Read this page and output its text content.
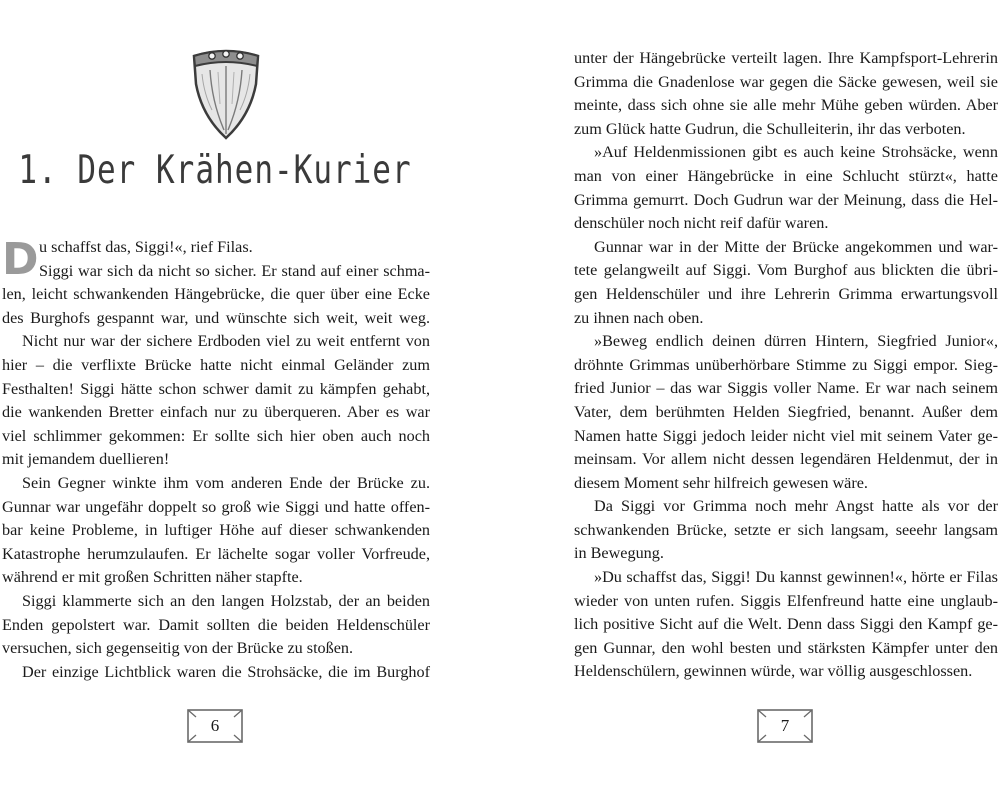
1. Der Krähen-Kurier
D u schaffst das, Siggi!«, rief Filas.
Siggi war sich da nicht so sicher. Er stand auf einer schma-
len, leicht schwankenden Hängebrücke, die quer über eine Ecke
des Burghofs gespannt war, und wünschte sich weit, weit weg.
Nicht nur war der sichere Erdboden viel zu weit entfernt von
hier – die verflixte Brücke hatte nicht einmal Geländer zum
Festhalten! Siggi hätte schon schwer damit zu kämpfen gehabt,
die wankenden Bretter einfach nur zu überqueren. Aber es war
viel schlimmer gekommen: Er sollte sich hier oben auch noch
mit jemandem duellieren!
Sein Gegner winkte ihm vom anderen Ende der Brücke zu.
Gunnar war ungefähr doppelt so groß wie Siggi und hatte offen-
bar keine Probleme, in luftiger Höhe auf dieser schwankenden
Katastrophe herumzulaufen. Er lächelte sogar voller Vorfreude,
während er mit großen Schritten näher stapfte.
Siggi klammerte sich an den langen Holzstab, der an beiden
Enden gepolstert war. Damit sollten die beiden Heldenschüler
versuchen, sich gegenseitig von der Brücke zu stoßen.
Der einzige Lichtblick waren die Strohsäcke, die im Burghof
6	7
unter der Hängebrücke verteilt lagen. Ihre Kampfsport-Lehrerin
Grimma die Gnadenlose war gegen die Säcke gewesen, weil sie
meinte, dass sich ohne sie alle mehr Mühe geben würden. Aber
zum Glück hatte Gudrun, die Schulleiterin, ihr das verboten.
»Auf Heldenmissionen gibt es auch keine Strohsäcke, wenn
man von einer Hängebrücke in eine Schlucht stürzt«, hatte
Grimma gemurrt. Doch Gudrun war der Meinung, dass die Hel-
denschüler noch nicht reif dafür waren.
Gunnar war in der Mitte der Brücke angekommen und war-
tete gelangweilt auf Siggi. Vom Burghof aus blickten die übri-
gen Heldenschüler und ihre Lehrerin Grimma erwartungsvoll
zu ihnen nach oben.
»Beweg endlich deinen dürren Hintern, Siegfried Junior«,
dröhnte Grimmas unüberhörbare Stimme zu Siggi empor. Sieg-
fried Junior – das war Siggis voller Name. Er war nach seinem
Vater, dem berühmten Helden Siegfried, benannt. Außer dem
Namen hatte Siggi jedoch leider nicht viel mit seinem Vater ge-
meinsam. Vor allem nicht dessen legendären Heldenmut, der in
diesem Moment sehr hilfreich gewesen wäre.
Da Siggi vor Grimma noch mehr Angst hatte als vor der
schwankenden Brücke, setzte er sich langsam, seeehr langsam
in Bewegung.
»Du schaffst das, Siggi! Du kannst gewinnen!«, hörte er Filas
wieder von unten rufen. Siggis Elfenfreund hatte eine unglaub-
lich positive Sicht auf die Welt. Denn dass Siggi den Kampf ge-
gen Gunnar, den wohl besten und stärksten Kämpfer unter den
Heldenschülern, gewinnen würde, war völlig ausgeschlossen.
